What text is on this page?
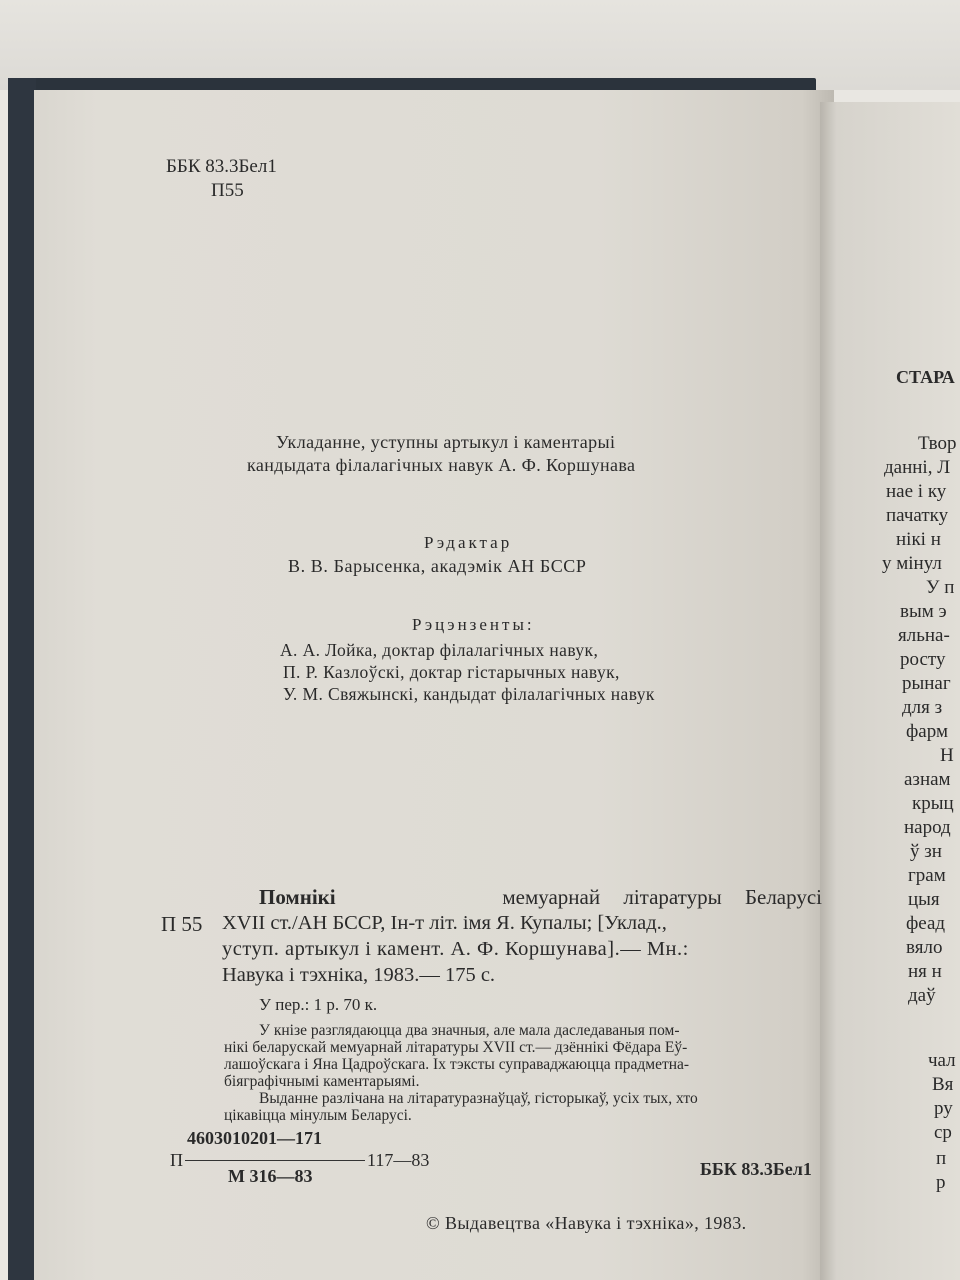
ББК 83.3Бел1
П55
Укладанне, уступны артыкул і каментарыі
кандыдата філалагічных навук А. Ф. Коршунава
Рэдактар
В. В. Барысенка, акадэмік АН БССР
Рэцэнзенты:
А. А. Лойка, доктар філалагічных навук,
П. Р. Казлоўскі, доктар гістарычных навук,
У. М. Свяжынскі, кандыдат філалагічных навук
Помнікі	мемуарнай літаратуры Беларусі
П 55 XVII ст./АН БССР, Ін-т літ. імя Я. Купалы; [Уклад.,
уступ. артыкул і камент. А. Ф. Коршунава].— Мн.:
Навука і тэхніка, 1983.— 175 с.
У пер.: 1 р. 70 к.
У кнізе разглядаюцца два значныя, але мала даследаваныя пом-
нікі беларускай мемуарнай літаратуры XVII ст.— дзённікі Фёдара Еў-
лашоўскага і Яна Цадроўскага. Іх тэксты суправаджаюцца прадметна-
біяграфічнымі каментарыямі.
Выданне разлічана на літаратуразнаўцаў, гісторыкаў, усіх тых, хто
цікавіцца мінулым Беларусі.
4603010201—171
П	117—83
М 316—83	ББК 83.3Бел1
© Выдавецтва «Навука і тэхніка», 1983.
СТАРА
Твор
данні, Л
нае і ку
пачатку
нікі н
у мінул
У п
вым э
яльна-
росту
рынаг
для з
фарм
Н
азнам
крыц
народ
ў зн
грам
цыя
феад
вяло
ня н
даў
чал
Вя
ру
ср
п
р
